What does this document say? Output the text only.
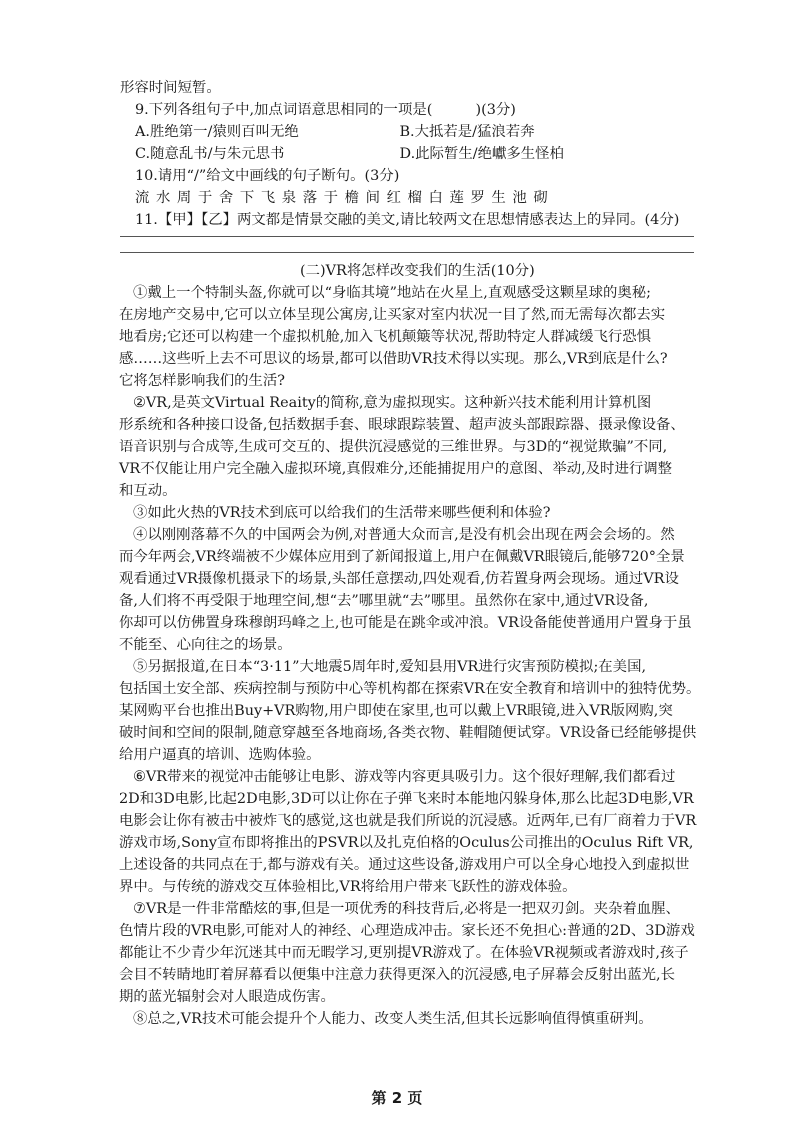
形容时间短暂。
9.下列各组句子中,加点词语意思相同的一项是(　　　)(3分)
A.胜绝第一/猿则百叫无绝　　　　　　　B.大抵若是/猛浪若奔
C.随意乱书/与朱元思书　　　　　　　　D.此际暂生/绝巘多生怪柏
10.请用“/”给文中画线的句子断句。(3分)
流 水 周 于 舍 下 飞 泉 落 于 檐 间 红 榴 白 莲 罗 生 池 砌
11.【甲】【乙】两文都是情景交融的美文,请比较两文在思想情感表达上的异同。(4分)
(二)VR将怎样改变我们的生活(10分)
①戴上一个特制头盔,你就可以“身临其境”地站在火星上,直观感受这颗星球的奥秘;
在房地产交易中,它可以立体呈现公寓房,让买家对室内状况一目了然,而无需每次都去实
地看房;它还可以构建一个虚拟机舱,加入飞机颠簸等状况,帮助特定人群减缓飞行恐惧
感……这些听上去不可思议的场景,都可以借助VR技术得以实现。那么,VR到底是什么?
它将怎样影响我们的生活?
②VR,是英文Virtual Reaity的简称,意为虚拟现实。这种新兴技术能利用计算机图
形系统和各种接口设备,包括数据手套、眼球跟踪装置、超声波头部跟踪器、摄录像设备、
语音识别与合成等,生成可交互的、提供沉浸感觉的三维世界。与3D的“视觉欺骗”不同,
VR不仅能让用户完全融入虚拟环境,真假难分,还能捕捉用户的意图、举动,及时进行调整
和互动。
③如此火热的VR技术到底可以给我们的生活带来哪些便利和体验?
④以刚刚落幕不久的中国两会为例,对普通大众而言,是没有机会出现在两会会场的。然
而今年两会,VR终端被不少媒体应用到了新闻报道上,用户在佩戴VR眼镜后,能够720°全景
观看通过VR摄像机摄录下的场景,头部任意摆动,四处观看,仿若置身两会现场。通过VR设
备,人们将不再受限于地理空间,想“去”哪里就“去”哪里。虽然你在家中,通过VR设备,
你却可以仿佛置身珠穆朗玛峰之上,也可能是在跳伞或冲浪。VR设备能使普通用户置身于虽
不能至、心向往之的场景。
⑤另据报道,在日本“3·11”大地震5周年时,爱知县用VR进行灾害预防模拟;在美国,
包括国土安全部、疾病控制与预防中心等机构都在探索VR在安全教育和培训中的独特优势。
某网购平台也推出Buy+VR购物,用户即使在家里,也可以戴上VR眼镜,进入VR版网购,突
破时间和空间的限制,随意穿越至各地商场,各类衣物、鞋帽随便试穿。VR设备已经能够提供
给用户逼真的培训、选购体验。
⑥VR带来的视觉冲击能够让电影、游戏等内容更具吸引力。这个很好理解,我们都看过
2D和3D电影,比起2D电影,3D可以让你在子弹飞来时本能地闪躲身体,那么比起3D电影,VR
电影会让你有被击中被炸飞的感觉,这也就是我们所说的沉浸感。近两年,已有厂商着力于VR
游戏市场,Sony宣布即将推出的PSVR以及扎克伯格的Oculus公司推出的Oculus Rift VR,
上述设备的共同点在于,都与游戏有关。通过这些设备,游戏用户可以全身心地投入到虚拟世
界中。与传统的游戏交互体验相比,VR将给用户带来飞跃性的游戏体验。
⑦VR是一件非常酷炫的事,但是一项优秀的科技背后,必将是一把双刃剑。夹杂着血腥、
色情片段的VR电影,可能对人的神经、心理造成冲击。家长还不免担心:普通的2D、3D游戏
都能让不少青少年沉迷其中而无暇学习,更别提VR游戏了。在体验VR视频或者游戏时,孩子
会目不转睛地盯着屏幕看以便集中注意力获得更深入的沉浸感,电子屏幕会反射出蓝光,长
期的蓝光辐射会对人眼造成伤害。
⑧总之,VR技术可能会提升个人能力、改变人类生活,但其长远影响值得慎重研判。
第 2 页
